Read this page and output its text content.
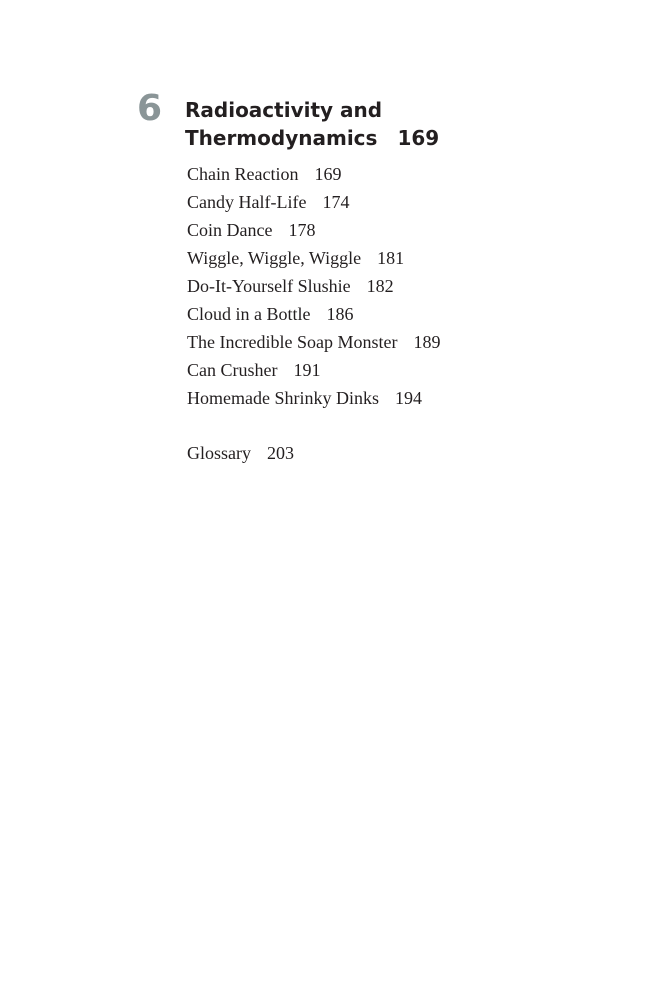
6 Radioactivity and
Thermodynamics 169
Chain Reaction 169
Candy Half-Life 174
Coin Dance 178
Wiggle, Wiggle, Wiggle 181
Do-It-Yourself Slushie 182
Cloud in a Bottle 186
The Incredible Soap Monster 189
Can Crusher 191
Homemade Shrinky Dinks 194
Glossary 203
